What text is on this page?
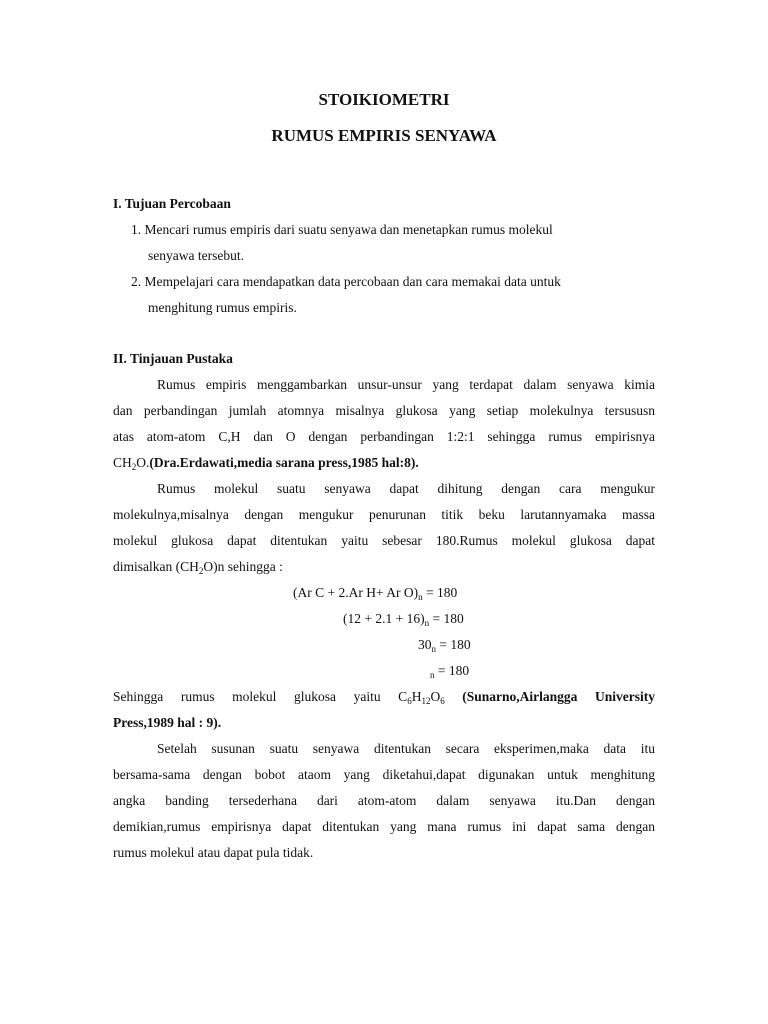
STOIKIOMETRI
RUMUS EMPIRIS SENYAWA
I. Tujuan Percobaan
1. Mencari rumus empiris dari suatu senyawa dan menetapkan rumus molekul
senyawa tersebut.
2. Mempelajari cara mendapatkan data percobaan dan cara memakai data untuk
menghitung rumus empiris.
II. Tinjauan Pustaka
Rumus empiris menggambarkan unsur-unsur yang terdapat dalam senyawa kimia
dan perbandingan jumlah atomnya misalnya glukosa yang setiap molekulnya tersususn
atas atom-atom C,H dan O dengan perbandingan 1:2:1 sehingga rumus empirisnya
$CH_2O.(Dra.Erdawati,media$ sarana press,1985 hal:8).
Rumus molekul suatu senyawa dapat dihitung dengan cara mengukur
molekulnya,misalnya dengan mengukur penurunan titik beku larutannyamaka massa
molekul glukosa dapat ditentukan yaitu sebesar 180.Rumus molekul glukosa dapat
dimisalkan $(CH_2O)n$ sehingga :
(Ar C + 2.Ar H+ Ar $O)_n = 180$
$(12 + 2.1 + 16)_n = 180$
$30_n = 180$
$_n$ = 180
Sehingga rumus molekul glukosa yaitu $C_6H_{12}O_6$ (Sunarno,Airlangga University
Press,1989 hal : 9).
Setelah susunan suatu senyawa ditentukan secara eksperimen,maka data itu
bersama-sama dengan bobot ataom yang diketahui,dapat digunakan untuk menghitung
angka banding tersederhana dari atom-atom dalam senyawa itu.Dan dengan
demikian,rumus empirisnya dapat ditentukan yang mana rumus ini dapat sama dengan
rumus molekul atau dapat pula tidak.
